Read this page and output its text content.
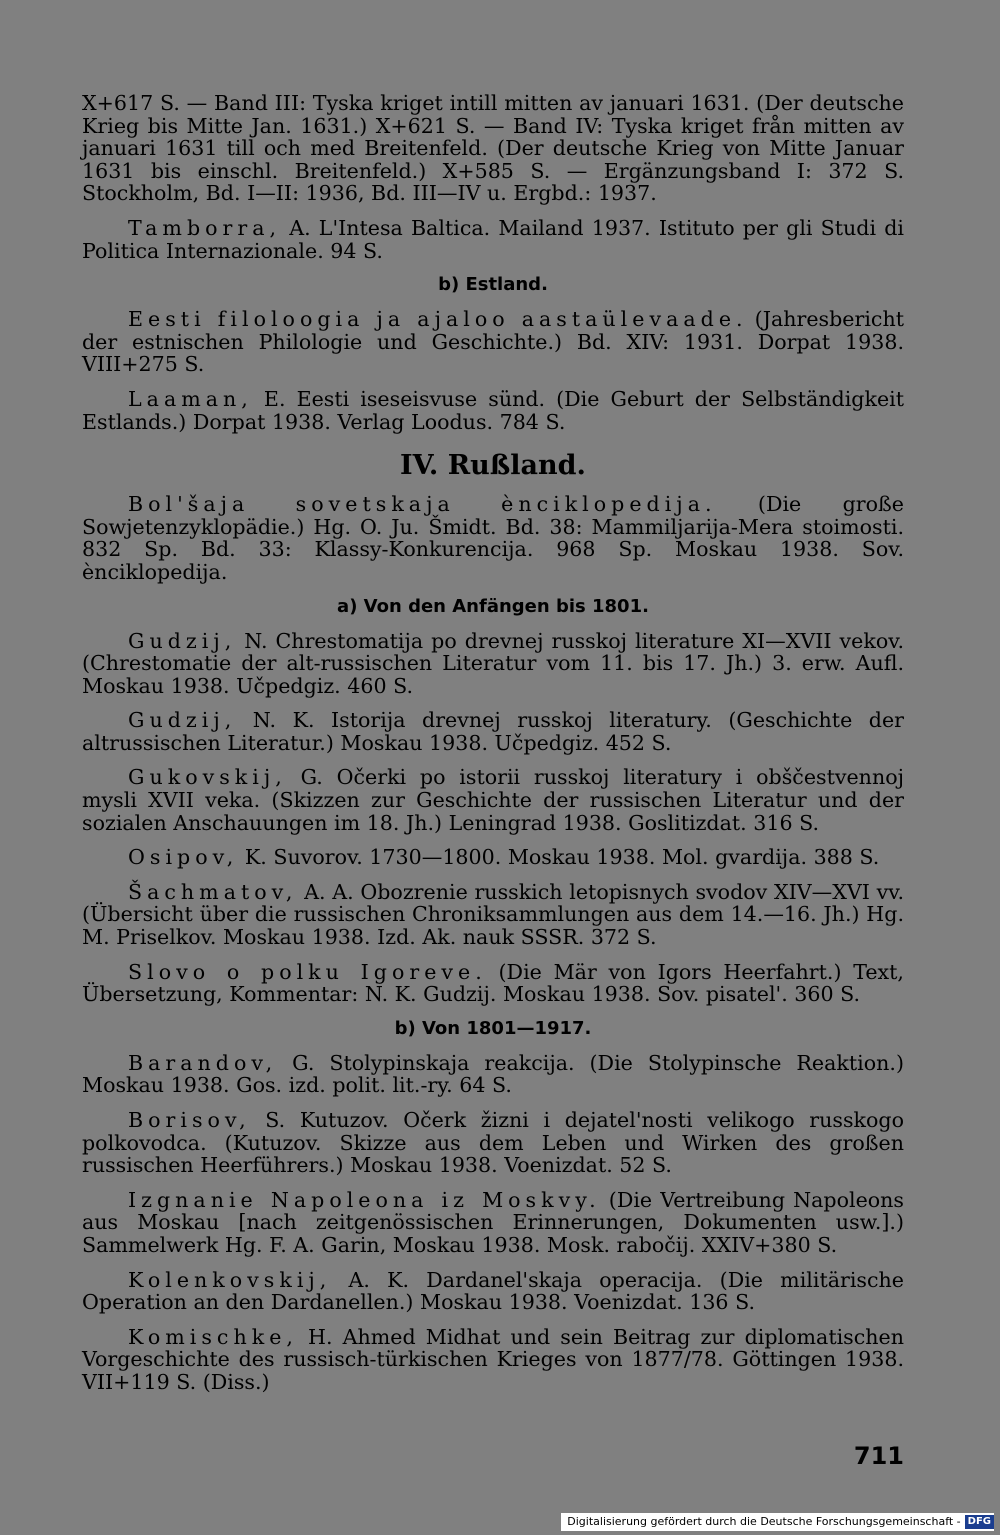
X+617 S. — Band III: Tyska kriget intill mitten av januari 1631. (Der deutsche Krieg bis Mitte Jan. 1631.) X+621 S. — Band IV: Tyska kriget från mitten av januari 1631 till och med Breitenfeld. (Der deutsche Krieg von Mitte Januar 1631 bis einschl. Breitenfeld.) X+585 S. — Ergänzungsband I: 372 S. Stockholm, Bd. I—II: 1936, Bd. III—IV u. Ergbd.: 1937.
Tamborra, A. L'Intesa Baltica. Mailand 1937. Istituto per gli Studi di Politica Internazionale. 94 S.
b) Estland.
Eesti filoloogia ja ajaloo aastaülevaade. (Jahresbericht der estnischen Philologie und Geschichte.) Bd. XIV: 1931. Dorpat 1938. VIII+275 S.
Laaman, E. Eesti iseseisvuse sünd. (Die Geburt der Selbständigkeit Estlands.) Dorpat 1938. Verlag Loodus. 784 S.
IV. Rußland.
Bol'šaja sovetskaja ènciklopedija. (Die große Sowjetenzyklopädie.) Hg. O. Ju. Šmidt. Bd. 38: Mammiljarija-Mera stoimosti. 832 Sp. Bd. 33: Klassy-Konkurencija. 968 Sp. Moskau 1938. Sov. ènciklopedija.
a) Von den Anfängen bis 1801.
Gudzij, N. Chrestomatija po drevnej russkoj literature XI—XVII vekov. (Chrestomatie der alt-russischen Literatur vom 11. bis 17. Jh.) 3. erw. Aufl. Moskau 1938. Učpedgiz. 460 S.
Gudzij, N. K. Istorija drevnej russkoj literatury. (Geschichte der altrussischen Literatur.) Moskau 1938. Učpedgiz. 452 S.
Gukovskij, G. Očerki po istorii russkoj literatury i obščestvennoj mysli XVII veka. (Skizzen zur Geschichte der russischen Literatur und der sozialen Anschauungen im 18. Jh.) Leningrad 1938. Goslitizdat. 316 S.
Osipov, K. Suvorov. 1730—1800. Moskau 1938. Mol. gvardija. 388 S.
Šachmatov, A. A. Obozrenie russkich letopisnych svodov XIV—XVI vv. (Übersicht über die russischen Chroniksammlungen aus dem 14.—16. Jh.) Hg. M. Priselkov. Moskau 1938. Izd. Ak. nauk SSSR. 372 S.
Slovo o polku Igoreve. (Die Mär von Igors Heerfahrt.) Text, Übersetzung, Kommentar: N. K. Gudzij. Moskau 1938. Sov. pisatel'. 360 S.
b) Von 1801—1917.
Barandov, G. Stolypinskaja reakcija. (Die Stolypinsche Reaktion.) Moskau 1938. Gos. izd. polit. lit.-ry. 64 S.
Borisov, S. Kutuzov. Očerk žizni i dejatel'nosti velikogo russkogo polkovodca. (Kutuzov. Skizze aus dem Leben und Wirken des großen russischen Heerführers.) Moskau 1938. Voenizdat. 52 S.
Izgnanie Napoleona iz Moskvy. (Die Vertreibung Napoleons aus Moskau [nach zeitgenössischen Erinnerungen, Dokumenten usw.].) Sammelwerk Hg. F. A. Garin, Moskau 1938. Mosk. rabočij. XXIV+380 S.
Kolenkovskij, A. K. Dardanel'skaja operacija. (Die militärische Operation an den Dardanellen.) Moskau 1938. Voenizdat. 136 S.
Komischke, H. Ahmed Midhat und sein Beitrag zur diplomatischen Vorgeschichte des russisch-türkischen Krieges von 1877/78. Göttingen 1938. VII+119 S. (Diss.)
711
Digitalisierung gefördert durch die Deutsche Forschungsgemeinschaft - DFG
